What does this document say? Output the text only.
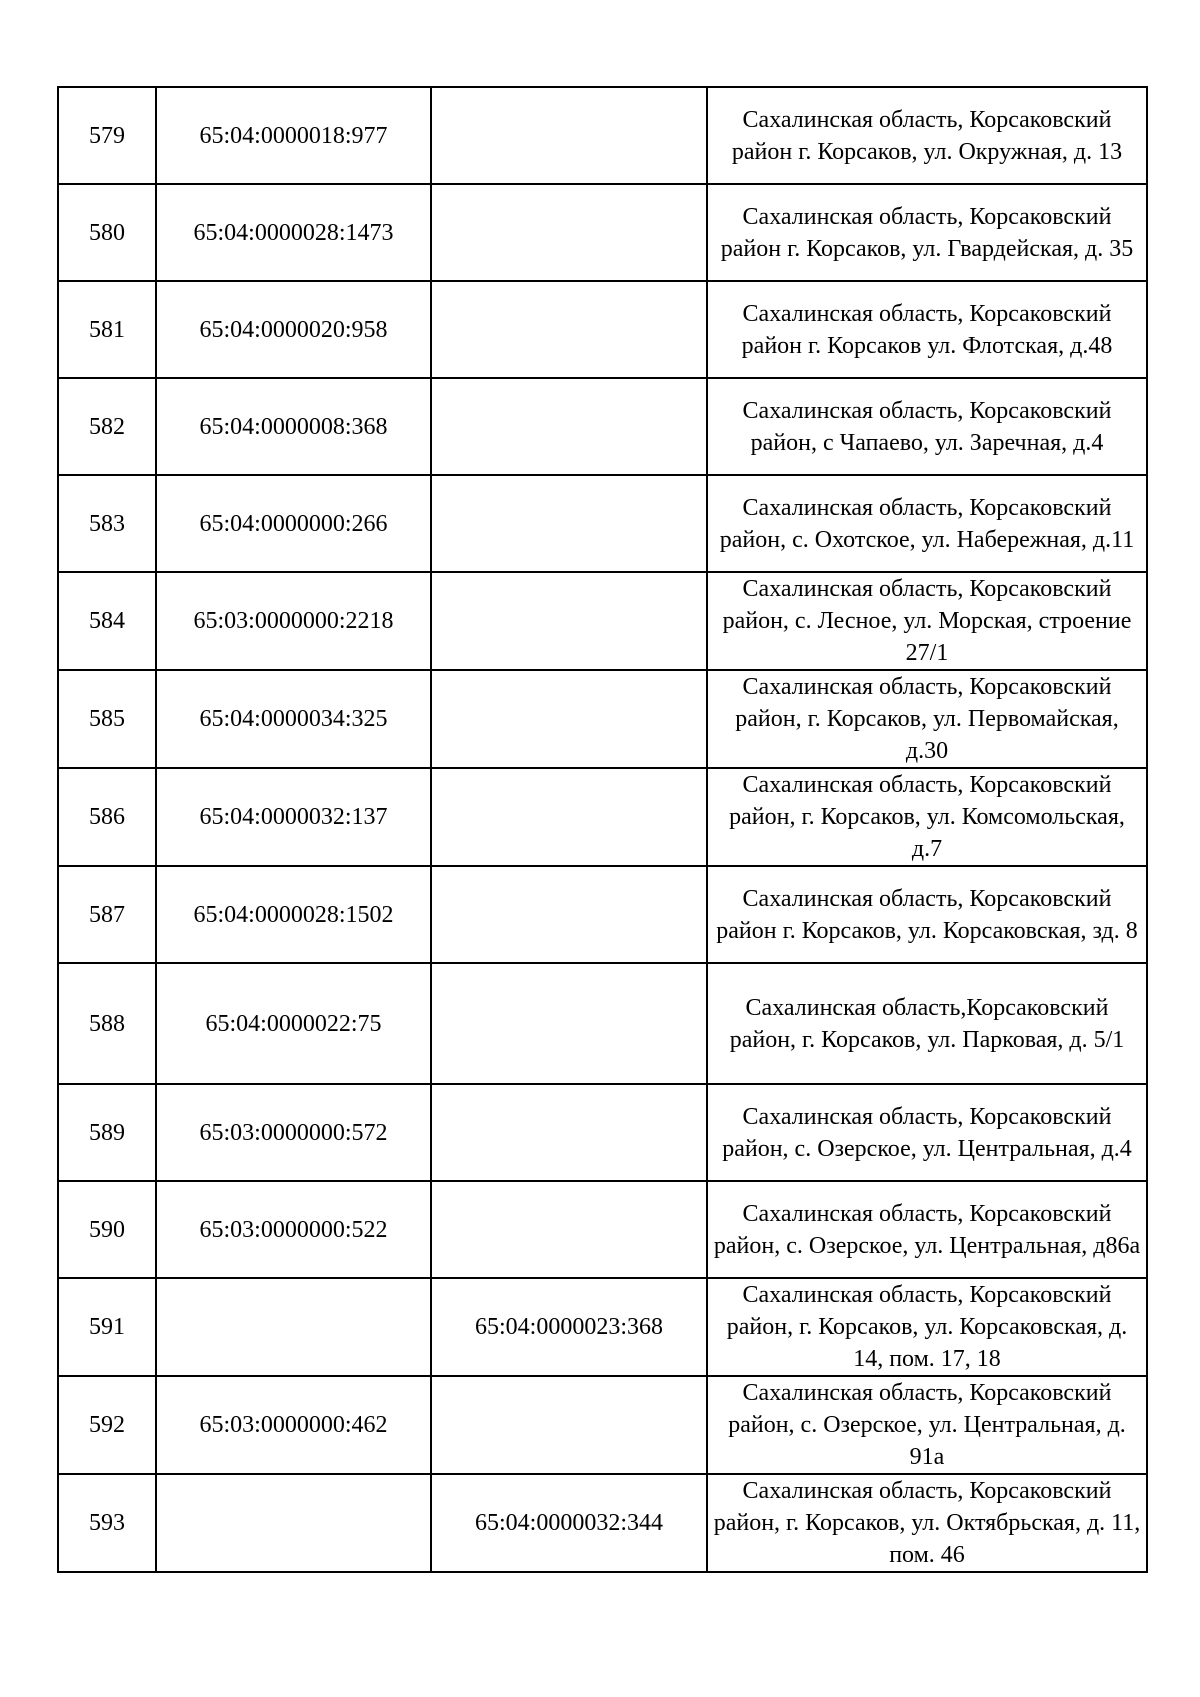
579	65:04:0000018:977		Сахалинская область, Корсаковский район г. Корсаков, ул. Окружная, д. 13
580	65:04:0000028:1473		Сахалинская область, Корсаковский район г. Корсаков, ул. Гвардейская, д. 35
581	65:04:0000020:958		Сахалинская область, Корсаковский район г. Корсаков ул. Флотская, д.48
582	65:04:0000008:368		Сахалинская область, Корсаковский район, с Чапаево, ул. Заречная, д.4
583	65:04:0000000:266		Сахалинская область, Корсаковский район, с. Охотское, ул. Набережная, д.11
584	65:03:0000000:2218		Сахалинская область, Корсаковский район, с. Лесное, ул. Морская, строение 27/1
585	65:04:0000034:325		Сахалинская область, Корсаковский район, г. Корсаков, ул. Первомайская, д.30
586	65:04:0000032:137		Сахалинская область, Корсаковский район, г. Корсаков, ул. Комсомольская, д.7
587	65:04:0000028:1502		Сахалинская область, Корсаковский район г. Корсаков, ул. Корсаковская, зд. 8
588	65:04:0000022:75		Сахалинская область,Корсаковский район, г. Корсаков, ул. Парковая, д. 5/1
589	65:03:0000000:572		Сахалинская область, Корсаковский район, с. Озерское, ул. Центральная, д.4
590	65:03:0000000:522		Сахалинская область, Корсаковский район, с. Озерское, ул. Центральная, д86а
591		65:04:0000023:368	Сахалинская область, Корсаковский район, г. Корсаков, ул. Корсаковская, д. 14, пом. 17, 18
592	65:03:0000000:462		Сахалинская область, Корсаковский район, с. Озерское, ул. Центральная, д. 91а
593		65:04:0000032:344	Сахалинская область, Корсаковский район, г. Корсаков, ул. Октябрьская, д. 11, пом. 46
